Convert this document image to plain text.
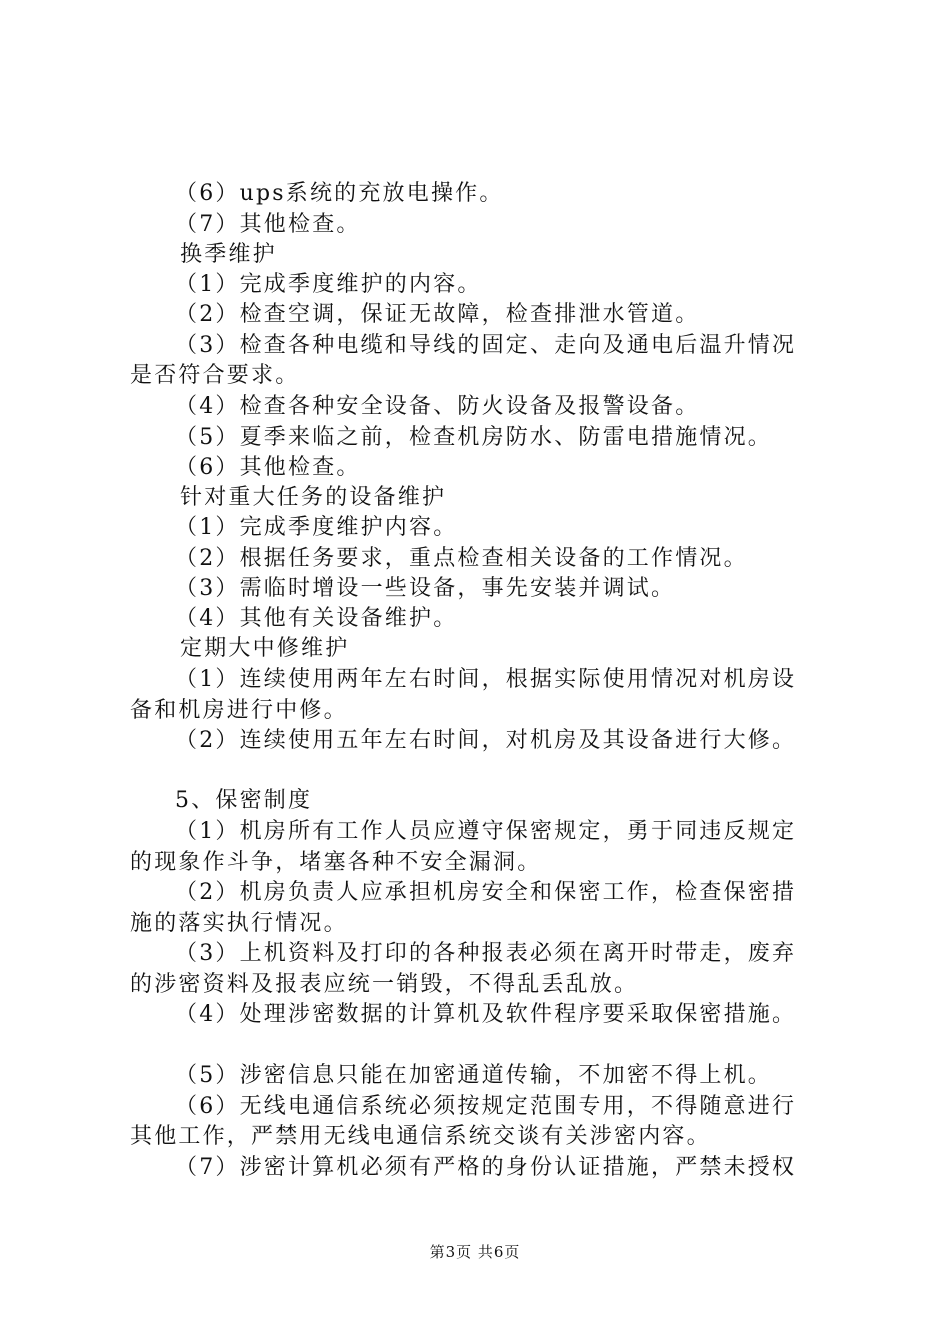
（6）ups系统的充放电操作。
（7）其他检查。
换季维护
（1）完成季度维护的内容。
（2）检查空调，保证无故障，检查排泄水管道。
（3）检查各种电缆和导线的固定、走向及通电后温升情况
是否符合要求。
（4）检查各种安全设备、防火设备及报警设备。
（5）夏季来临之前，检查机房防水、防雷电措施情况。
（6）其他检查。
针对重大任务的设备维护
（1）完成季度维护内容。
（2）根据任务要求，重点检查相关设备的工作情况。
（3）需临时增设一些设备，事先安装并调试。
（4）其他有关设备维护。
定期大中修维护
（1）连续使用两年左右时间，根据实际使用情况对机房设
备和机房进行中修。
（2）连续使用五年左右时间，对机房及其设备进行大修。
5、保密制度
（1）机房所有工作人员应遵守保密规定，勇于同违反规定
的现象作斗争，堵塞各种不安全漏洞。
（2）机房负责人应承担机房安全和保密工作，检查保密措
施的落实执行情况。
（3）上机资料及打印的各种报表必须在离开时带走，废弃
的涉密资料及报表应统一销毁，不得乱丢乱放。
（4）处理涉密数据的计算机及软件程序要采取保密措施。
（5）涉密信息只能在加密通道传输，不加密不得上机。
（6）无线电通信系统必须按规定范围专用，不得随意进行
其他工作，严禁用无线电通信系统交谈有关涉密内容。
（7）涉密计算机必须有严格的身份认证措施，严禁未授权
第3页 共6页
